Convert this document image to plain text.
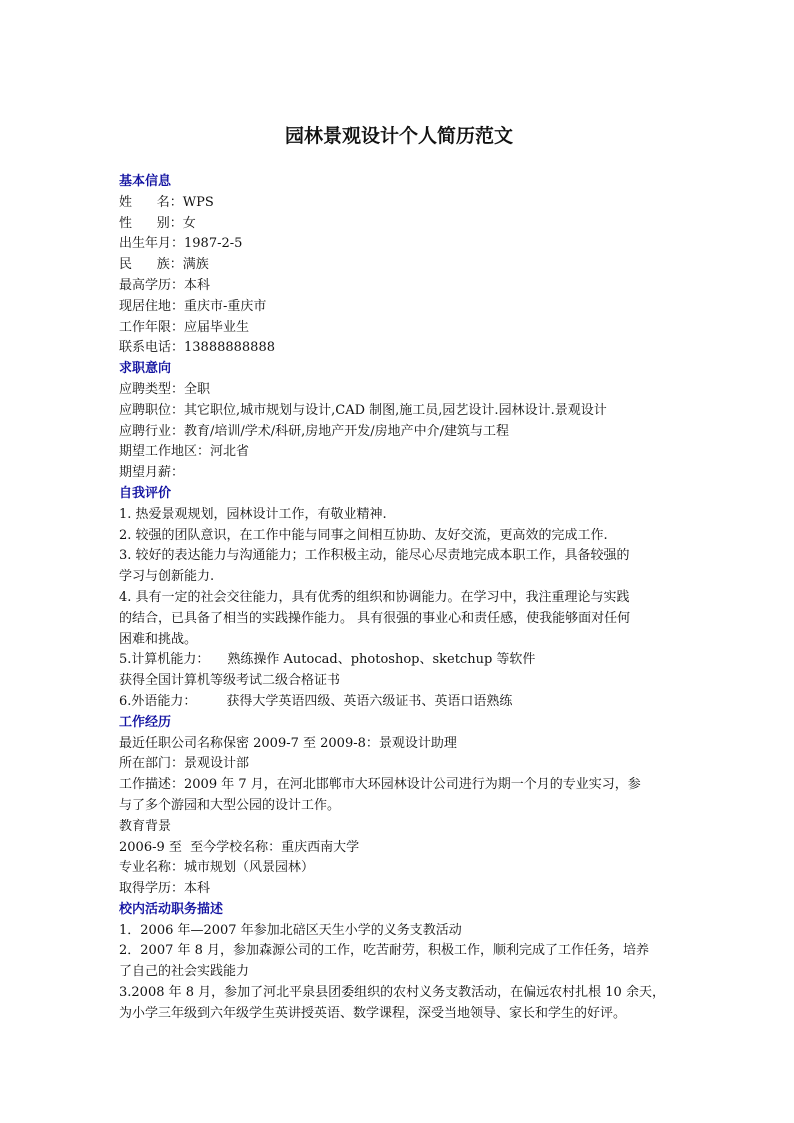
园林景观设计个人简历范文
基本信息
姓      名：WPS
性      别：女
出生年月：1987-2-5
民      族：满族
最高学历：本科
现居住地：重庆市-重庆市
工作年限：应届毕业生
联系电话：13888888888
求职意向
应聘类型：全职
应聘职位：其它职位,城市规划与设计,CAD 制图,施工员,园艺设计.园林设计.景观设计
应聘行业：教育/培训/学术/科研,房地产开发/房地产中介/建筑与工程
期望工作地区：河北省
期望月薪：
自我评价
1. 热爱景观规划，园林设计工作，有敬业精神.
2. 较强的团队意识，在工作中能与同事之间相互协助、友好交流，更高效的完成工作.
3. 较好的表达能力与沟通能力；工作积极主动，能尽心尽责地完成本职工作，具备较强的
学习与创新能力.
4. 具有一定的社会交往能力，具有优秀的组织和协调能力。在学习中，我注重理论与实践
的结合，已具备了相当的实践操作能力。 具有很强的事业心和责任感，使我能够面对任何
困难和挑战。
5.计算机能力： 熟练操作 Autocad、photoshop、sketchup 等软件
获得全国计算机等级考试二级合格证书
6.外语能力： 获得大学英语四级、英语六级证书、英语口语熟练
工作经历
最近任职公司名称保密 2009-7 至 2009-8：景观设计助理
所在部门：景观设计部
工作描述：2009 年 7 月，在河北邯郸市大环园林设计公司进行为期一个月的专业实习，参
与了多个游园和大型公园的设计工作。
教育背景
2006-9 至  至今学校名称：重庆西南大学
专业名称：城市规划（风景园林）
取得学历：本科
校内活动职务描述
1．2006 年—2007 年参加北碚区天生小学的义务支教活动
2．2007 年 8 月，参加森源公司的工作，吃苦耐劳，积极工作，顺利完成了工作任务，培养
了自己的社会实践能力
3.2008 年 8 月，参加了河北平泉县团委组织的农村义务支教活动，在偏远农村扎根 10 余天，
为小学三年级到六年级学生英讲授英语、数学课程，深受当地领导、家长和学生的好评。
